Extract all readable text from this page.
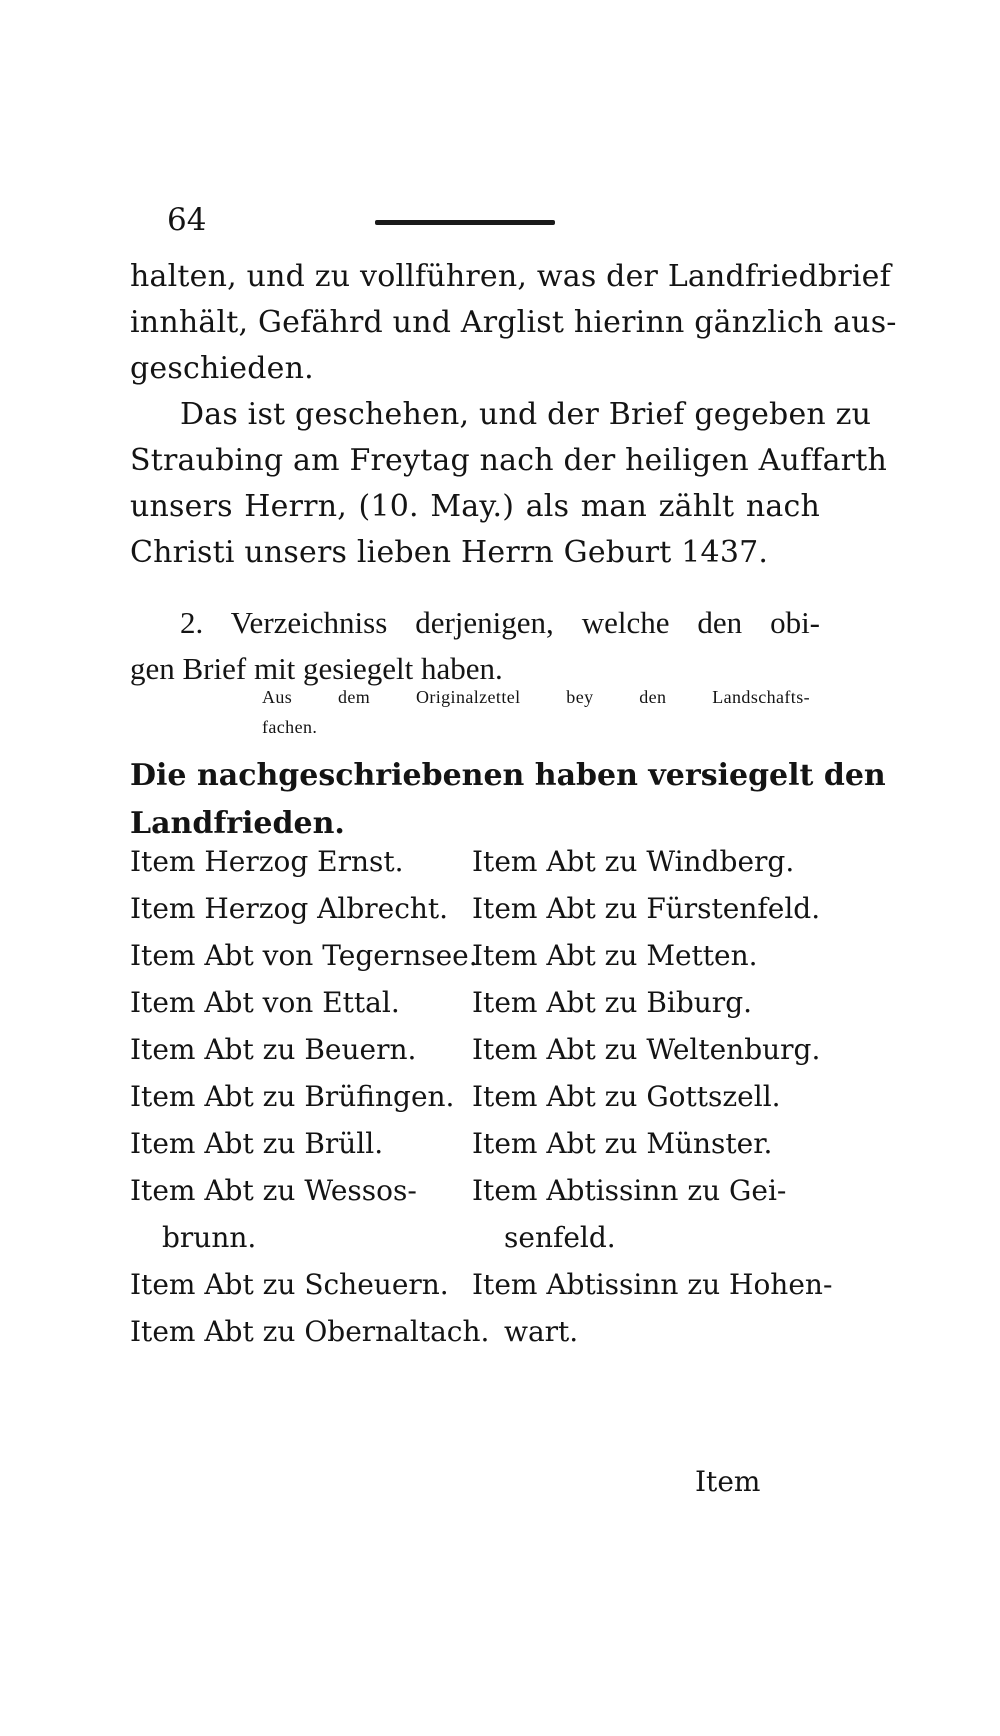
64
halten, und zu vollführen, was der Landfriedbrief
innhält, Gefährd und Arglist hierinn gänzlich aus-
geschieden.
Das ist geschehen, und der Brief gegeben zu
Straubing am Freytag nach der heiligen Auffarth
unsers Herrn, (10. May.) als man zählt nach
Christi unsers lieben Herrn Geburt 1437.
2. Verzeichniss derjenigen, welche den obi-
gen Brief mit gesiegelt haben.
Aus dem Originalzettel bey den Landschafts-
fachen.
Die nachgeschriebenen haben versiegelt den
Landfrieden.
Item Herzog Ernst.
Item Herzog Albrecht.
Item Abt von Tegernsee.
Item Abt von Ettal.
Item Abt zu Beuern.
Item Abt zu Brüfingen.
Item Abt zu Brüll.
Item Abt zu Wessos-
brunn.
Item Abt zu Scheuern.
Item Abt zu Obernaltach.
Item Abt zu Windberg.
Item Abt zu Fürstenfeld.
Item Abt zu Metten.
Item Abt zu Biburg.
Item Abt zu Weltenburg.
Item Abt zu Gottszell.
Item Abt zu Münster.
Item Abtissinn zu Gei-
senfeld.
Item Abtissinn zu Hohen-
wart.
Item
